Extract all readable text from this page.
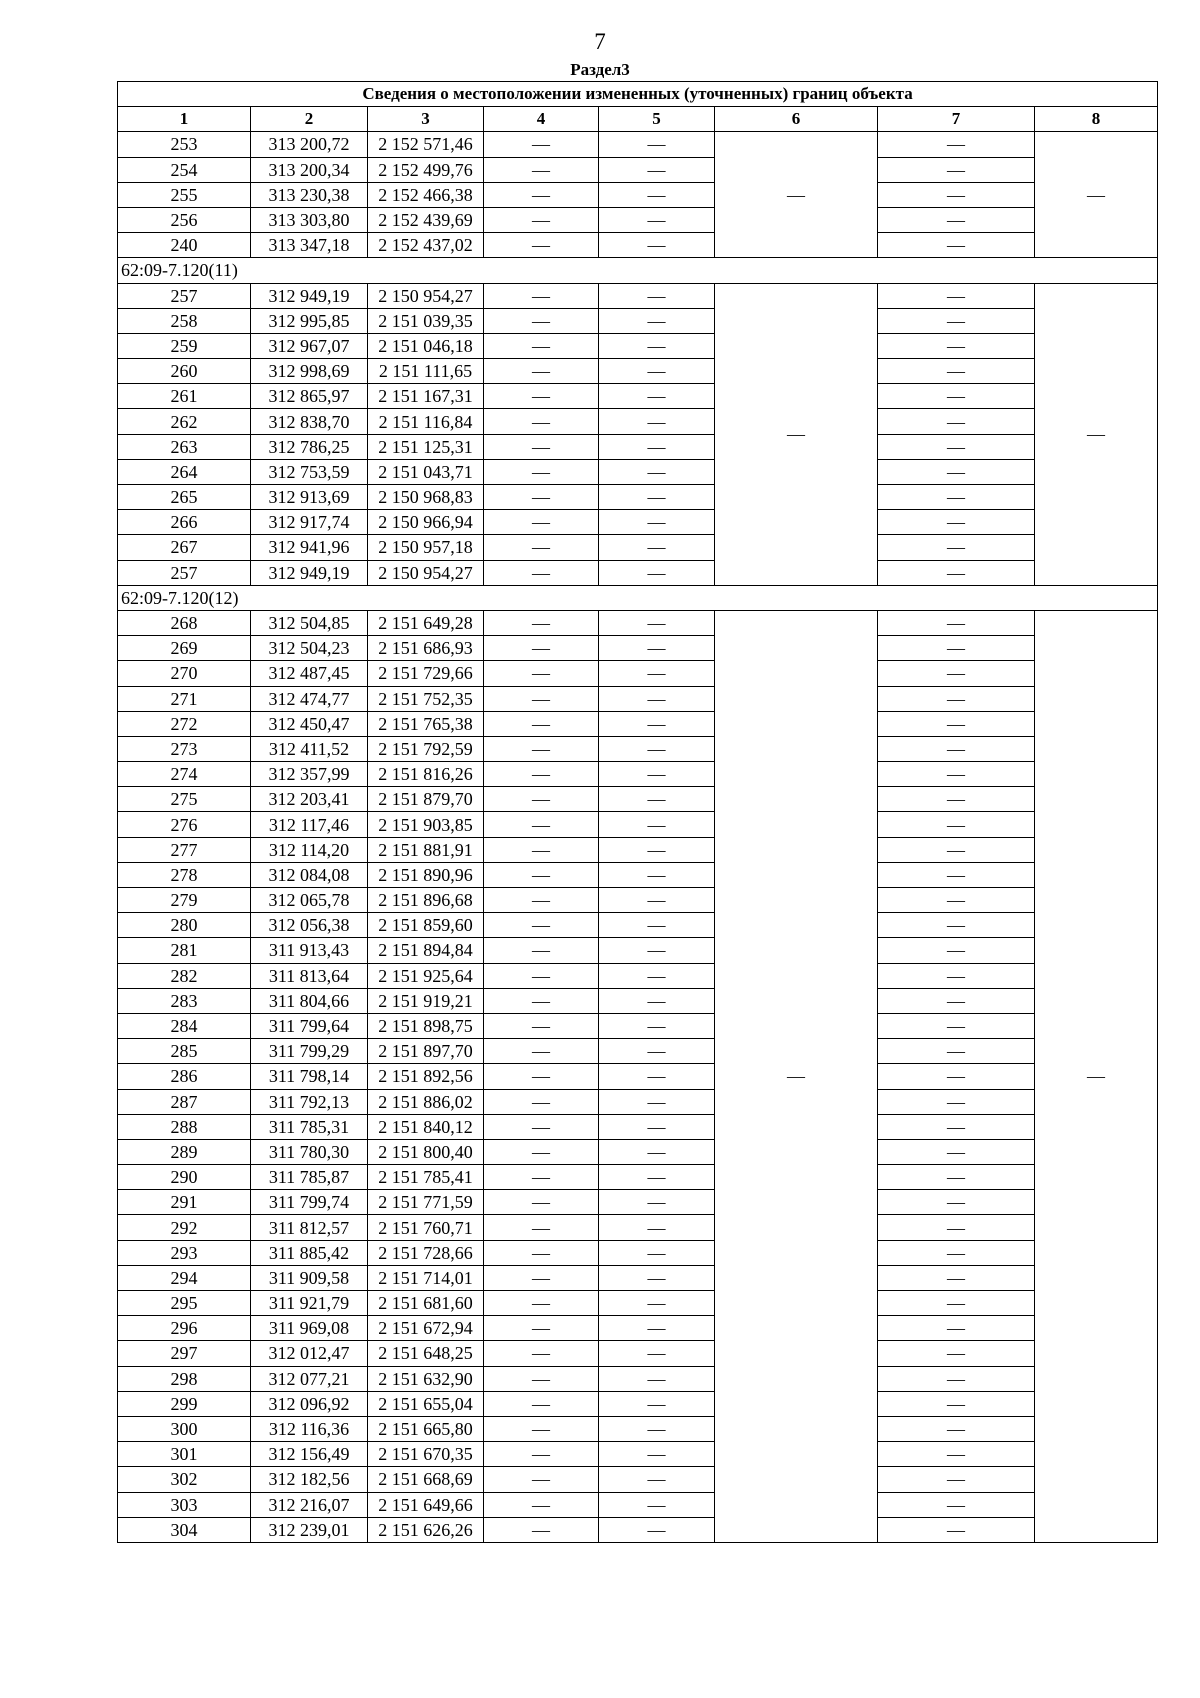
7
Раздел3
Сведения о местоположении измененных (уточненных) границ объекта							
1	2	3	4	5	6	7	8
253	313 200,72	2 152 571,46	—	—	—	—	—
254	313 200,34	2 152 499,76	—	—		—	
255	313 230,38	2 152 466,38	—	—		—	
256	313 303,80	2 152 439,69	—	—		—	
240	313 347,18	2 152 437,02	—	—		—	
62:09-7.120(11)							
257	312 949,19	2 150 954,27	—	—	—	—	—
258	312 995,85	2 151 039,35	—	—		—	
259	312 967,07	2 151 046,18	—	—		—	
260	312 998,69	2 151 111,65	—	—		—	
261	312 865,97	2 151 167,31	—	—		—	
262	312 838,70	2 151 116,84	—	—		—	
263	312 786,25	2 151 125,31	—	—		—	
264	312 753,59	2 151 043,71	—	—		—	
265	312 913,69	2 150 968,83	—	—		—	
266	312 917,74	2 150 966,94	—	—		—	
267	312 941,96	2 150 957,18	—	—		—	
257	312 949,19	2 150 954,27	—	—		—	
62:09-7.120(12)							
268	312 504,85	2 151 649,28	—	—	—	—	—
269	312 504,23	2 151 686,93	—	—		—	
270	312 487,45	2 151 729,66	—	—		—	
271	312 474,77	2 151 752,35	—	—		—	
272	312 450,47	2 151 765,38	—	—		—	
273	312 411,52	2 151 792,59	—	—		—	
274	312 357,99	2 151 816,26	—	—		—	
275	312 203,41	2 151 879,70	—	—		—	
276	312 117,46	2 151 903,85	—	—		—	
277	312 114,20	2 151 881,91	—	—		—	
278	312 084,08	2 151 890,96	—	—		—	
279	312 065,78	2 151 896,68	—	—		—	
280	312 056,38	2 151 859,60	—	—		—	
281	311 913,43	2 151 894,84	—	—		—	
282	311 813,64	2 151 925,64	—	—		—	
283	311 804,66	2 151 919,21	—	—		—	
284	311 799,64	2 151 898,75	—	—		—	
285	311 799,29	2 151 897,70	—	—		—	
286	311 798,14	2 151 892,56	—	—		—	
287	311 792,13	2 151 886,02	—	—		—	
288	311 785,31	2 151 840,12	—	—		—	
289	311 780,30	2 151 800,40	—	—		—	
290	311 785,87	2 151 785,41	—	—		—	
291	311 799,74	2 151 771,59	—	—		—	
292	311 812,57	2 151 760,71	—	—		—	
293	311 885,42	2 151 728,66	—	—		—	
294	311 909,58	2 151 714,01	—	—		—	
295	311 921,79	2 151 681,60	—	—		—	
296	311 969,08	2 151 672,94	—	—		—	
297	312 012,47	2 151 648,25	—	—		—	
298	312 077,21	2 151 632,90	—	—		—	
299	312 096,92	2 151 655,04	—	—		—	
300	312 116,36	2 151 665,80	—	—		—	
301	312 156,49	2 151 670,35	—	—		—	
302	312 182,56	2 151 668,69	—	—		—	
303	312 216,07	2 151 649,66	—	—		—	
304	312 239,01	2 151 626,26	—	—		—	
